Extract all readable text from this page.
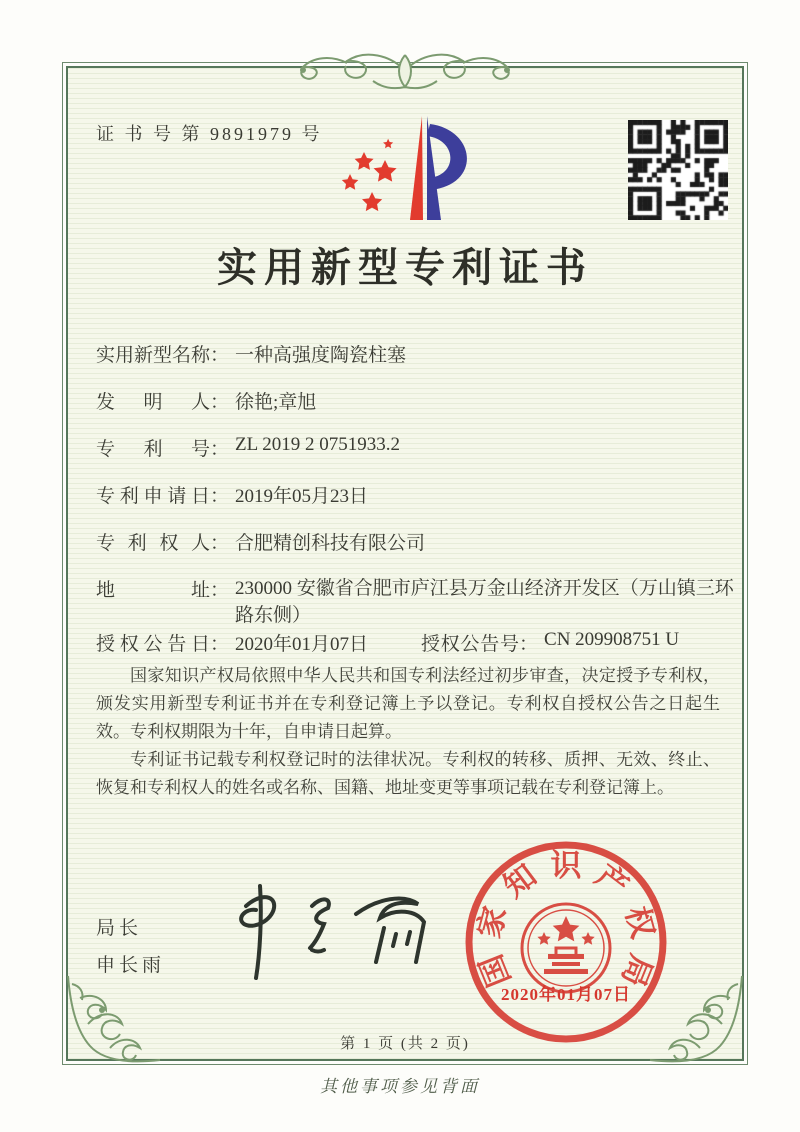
证 书 号 第 9891979 号
实用新型专利证书
实用新型名称： 一种高强度陶瓷柱塞
发明人： 徐艳;章旭
专利号： ZL 2019 2 0751933.2
专利申请日： 2019年05月23日
专利权人： 合肥精创科技有限公司
地址： 230000 安徽省合肥市庐江县万金山经济开发区（万山镇三环路东侧）
授权公告日： 2020年01月07日	授权公告号： CN 209908751 U

国家知识产权局依照中华人民共和国专利法经过初步审查，决定授予专利权，颁发实用新型专利证书并在专利登记簿上予以登记。专利权自授权公告之日起生效。专利权期限为十年，自申请日起算。

专利证书记载专利权登记时的法律状况。专利权的转移、质押、无效、终止、恢复和专利权人的姓名或名称、国籍、地址变更等事项记载在专利登记簿上。

局长
申长雨	国
家
知 识 产
权
局
2020年01月07日
第 1 页 (共 2 页)
其他事项参见背面
